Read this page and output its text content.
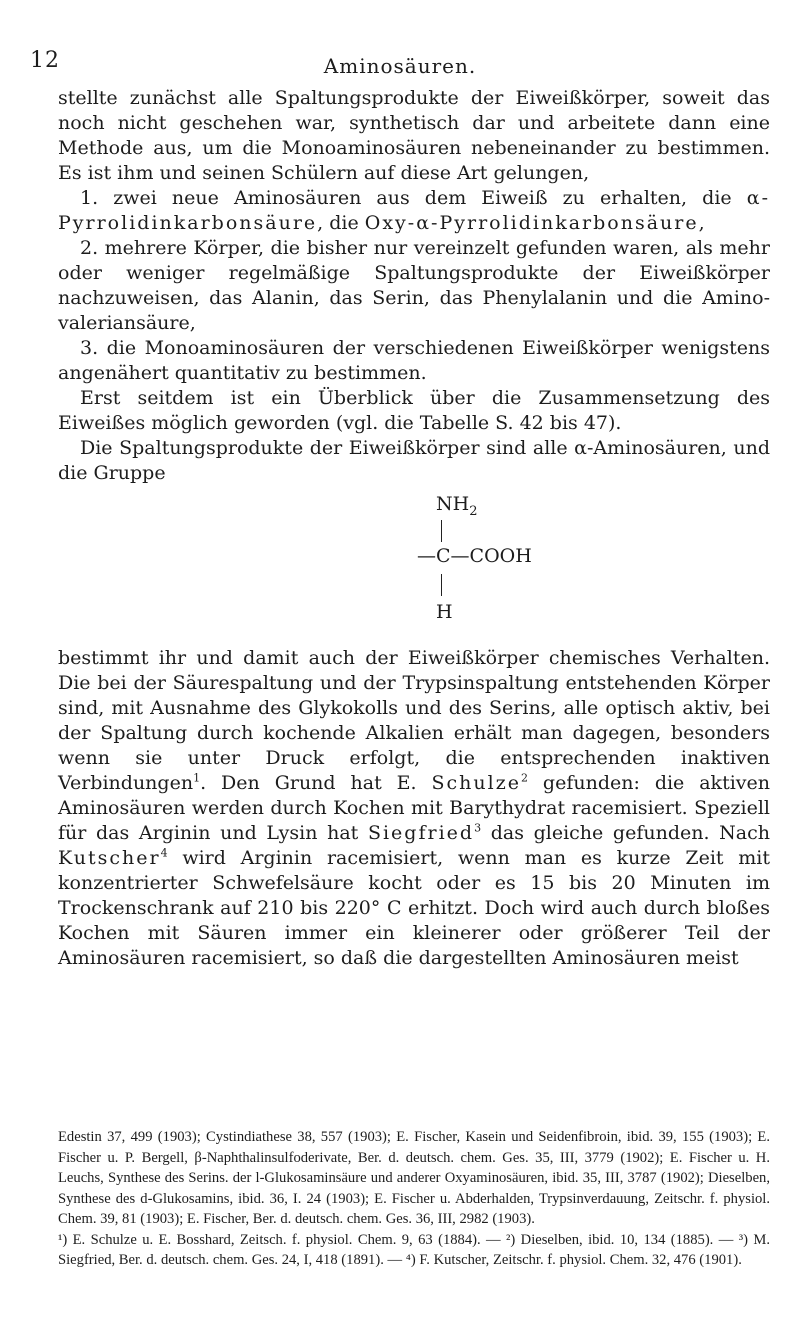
12	Aminosäuren.

stellte zunächst alle Spaltungsprodukte der Eiweißkörper, soweit das noch nicht geschehen war, synthetisch dar und arbeitete dann eine Methode aus, um die Monoaminosäuren nebeneinander zu bestimmen. Es ist ihm und seinen Schülern auf diese Art gelungen,

1. zwei neue Aminosäuren aus dem Eiweiß zu erhalten, die α-Pyrrolidinkarbonsäure, die Oxy-α-Pyrrolidinkarbonsäure,

2. mehrere Körper, die bisher nur vereinzelt gefunden waren, als mehr oder weniger regelmäßige Spaltungsprodukte der Eiweißkörper nachzuweisen, das Alanin, das Serin, das Phenylalanin und die Amino-valeriansäure,

3. die Monoaminosäuren der verschiedenen Eiweißkörper wenigstens angenähert quantitativ zu bestimmen.

Erst seitdem ist ein Überblick über die Zusammensetzung des Eiweißes möglich geworden (vgl. die Tabelle S. 42 bis 47).

Die Spaltungsprodukte der Eiweißkörper sind alle α-Aminosäuren, und die Gruppe

$NH_2$
—C—COOH
H

bestimmt ihr und damit auch der Eiweißkörper chemisches Verhalten. Die bei der Säurespaltung und der Trypsinspaltung entstehenden Körper sind, mit Ausnahme des Glykokolls und des Serins, alle optisch aktiv, bei der Spaltung durch kochende Alkalien erhält man dagegen, besonders wenn sie unter Druck erfolgt, die entsprechenden inaktiven Verbindungen$^1$. Den Grund hat E. Schulze$^2$ gefunden: die aktiven Aminosäuren werden durch Kochen mit Barythydrat racemisiert. Speziell für das Arginin und Lysin hat Siegfried$^3$ das gleiche gefunden. Nach Kutscher$^4$ wird Arginin racemisiert, wenn man es kurze Zeit mit konzentrierter Schwefelsäure kocht oder es 15 bis 20 Minuten im Trockenschrank auf 210 bis 220° C erhitzt. Doch wird auch durch bloßes Kochen mit Säuren immer ein kleinerer oder größerer Teil der Aminosäuren racemisiert, so daß die dargestellten Aminosäuren meist

Edestin 37, 499 (1903); Cystindiathese 38, 557 (1903); E. Fischer, Kasein und Seidenfibroin, ibid. 39, 155 (1903); E. Fischer u. P. Bergell, β-Naphthalinsulfoderivate, Ber. d. deutsch. chem. Ges. 35, III, 3779 (1902); E. Fischer u. H. Leuchs, Synthese des Serins. der l-Glukosaminsäure und anderer Oxyaminosäuren, ibid. 35, III, 3787 (1902); Dieselben, Synthese des d-Glukosamins, ibid. 36, I. 24 (1903); E. Fischer u. Abderhalden, Trypsinverdauung, Zeitschr. f. physiol. Chem. 39, 81 (1903); E. Fischer, Ber. d. deutsch. chem. Ges. 36, III, 2982 (1903).

¹) E. Schulze u. E. Bosshard, Zeitsch. f. physiol. Chem. 9, 63 (1884). — ²) Dieselben, ibid. 10, 134 (1885). — ³) M. Siegfried, Ber. d. deutsch. chem. Ges. 24, I, 418 (1891). — ⁴) F. Kutscher, Zeitschr. f. physiol. Chem. 32, 476 (1901).
